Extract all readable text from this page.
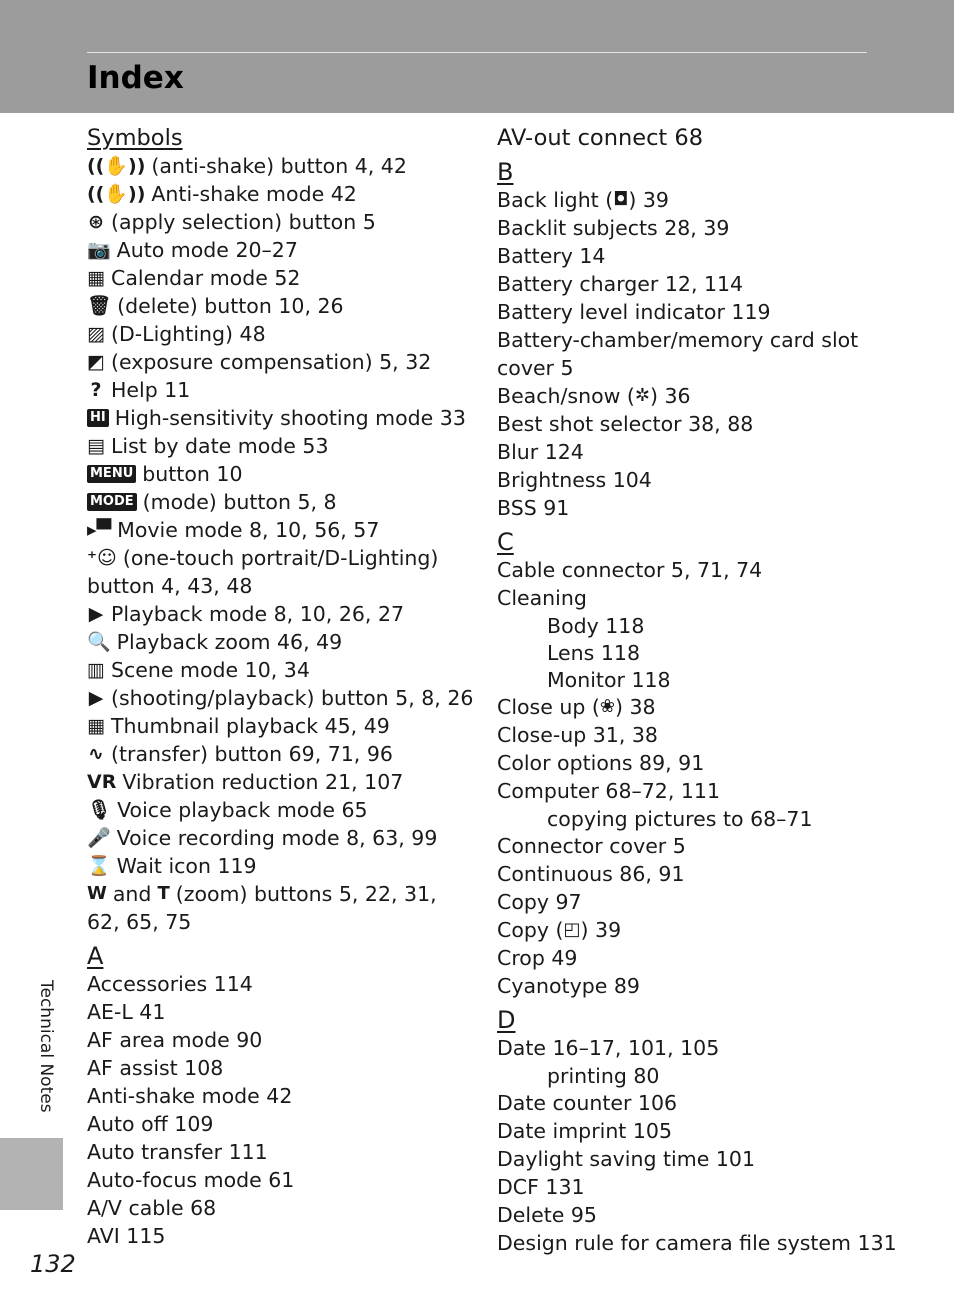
Index
Symbols
((✋)) (anti-shake) button 4, 42
((✋)) Anti-shake mode 42
⊛ (apply selection) button 5
📷 Auto mode 20–27
▦ Calendar mode 52
🗑 (delete) button 10, 26
▨ (D-Lighting) 48
◩ (exposure compensation) 5, 32
? Help 11
HI High-sensitivity shooting mode 33
▤ List by date mode 53
MENU button 10
MODE (mode) button 5, 8
▸▀ Movie mode 8, 10, 56, 57
⁺☺ (one-touch portrait/D-Lighting)
button 4, 43, 48
▶ Playback mode 8, 10, 26, 27
🔍 Playback zoom 46, 49
▥ Scene mode 10, 34
▶ (shooting/playback) button 5, 8, 26
▦ Thumbnail playback 45, 49
∿ (transfer) button 69, 71, 96
VR Vibration reduction 21, 107
🎙 Voice playback mode 65
🎤 Voice recording mode 8, 63, 99
⌛ Wait icon 119
W and T (zoom) buttons 5, 22, 31,
62, 65, 75
A
Accessories 114
AE-L 41
AF area mode 90
AF assist 108
Anti-shake mode 42
Auto off 109
Auto transfer 111
Auto-focus mode 61
A/V cable 68
AVI 115
AV-out connect 68
B
Back light ( ◘ ) 39
Backlit subjects 28, 39
Battery 14
Battery charger 12, 114
Battery level indicator 119
Battery-chamber/memory card slot
cover 5
Beach/snow ( ✲ ) 36
Best shot selector 38, 88
Blur 124
Brightness 104
BSS 91
C
Cable connector 5, 71, 74
Cleaning
Body 118
Lens 118
Monitor 118
Close up ( ❀ ) 38
Close-up 31, 38
Color options 89, 91
Computer 68–72, 111
copying pictures to 68–71
Connector cover 5
Continuous 86, 91
Copy 97
Copy ( ◰ ) 39
Crop 49
Cyanotype 89
D
Date 16–17, 101, 105
printing 80
Date counter 106
Date imprint 105
Daylight saving time 101
DCF 131
Delete 95
Design rule for camera file system 131
Technical Notes
132
